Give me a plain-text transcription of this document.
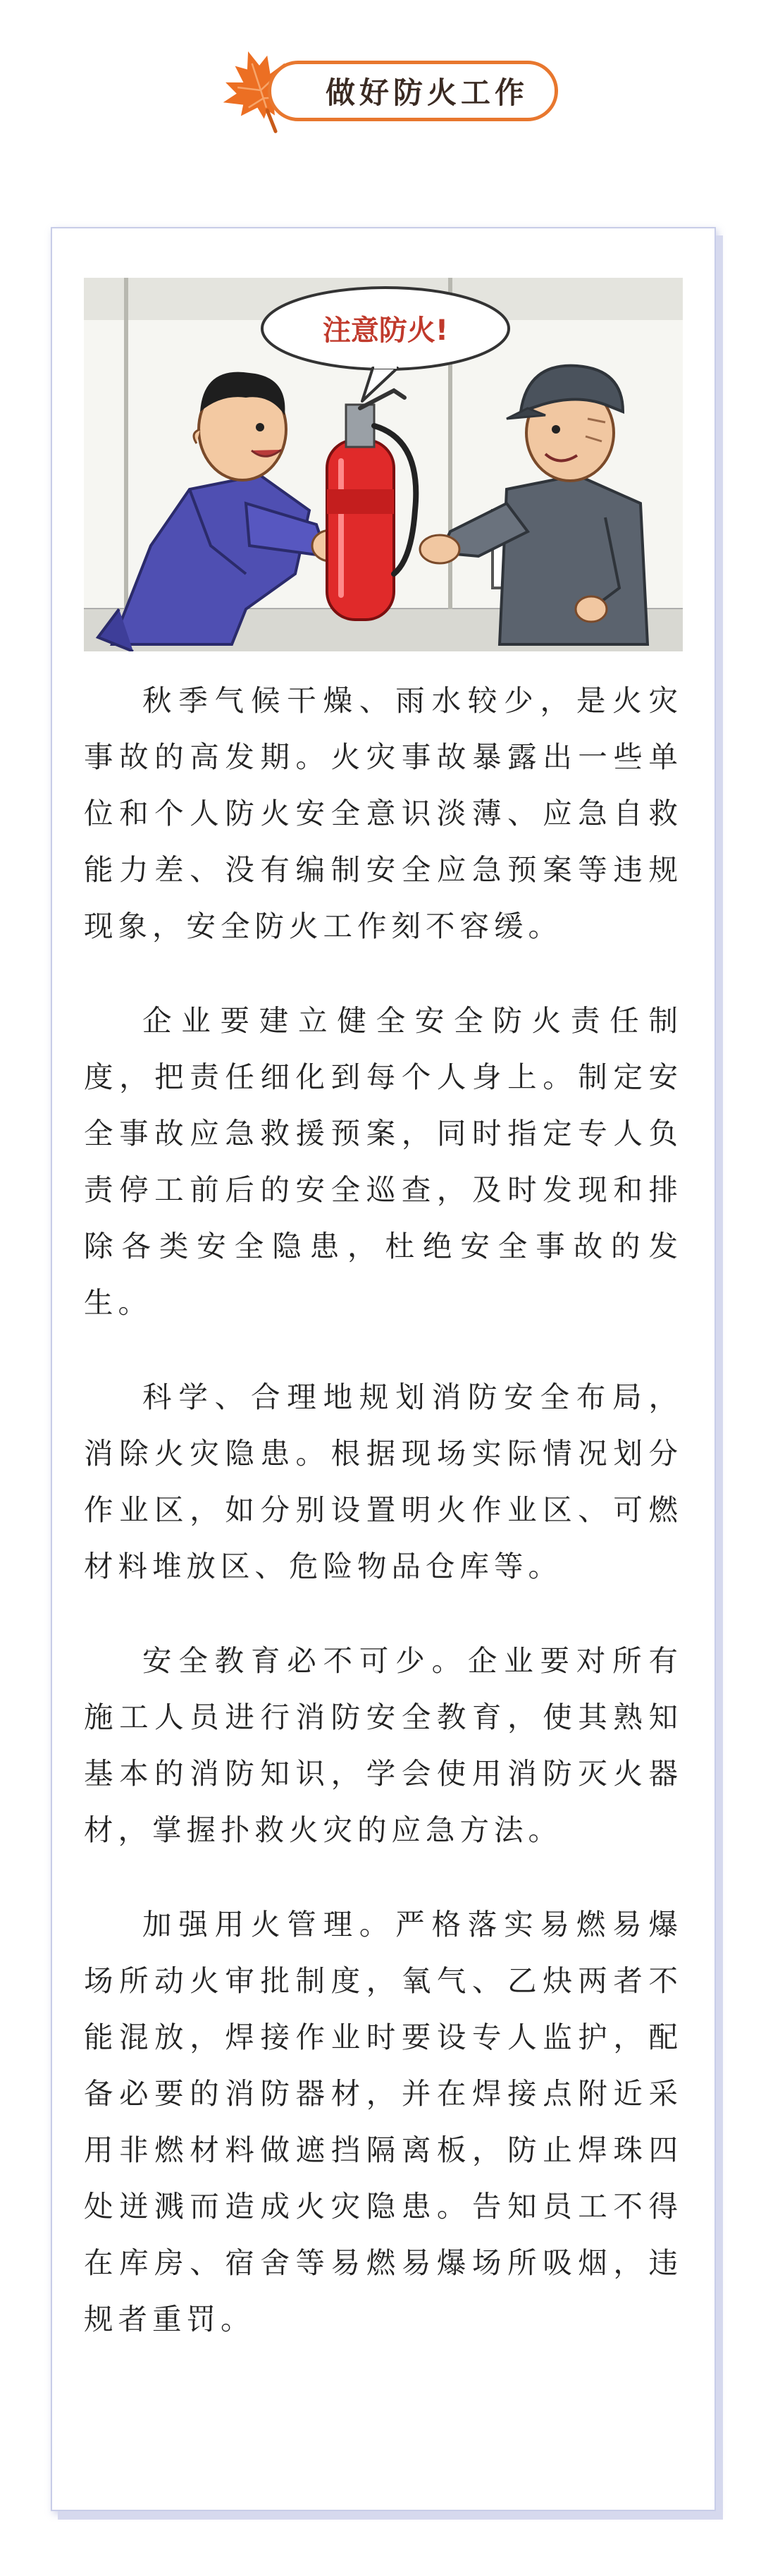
做好防火工作
注意防火!

秋季气候干燥、雨水较少，是火灾事故的高发期。火灾事故暴露出一些单位和个人防火安全意识淡薄、应急自救能力差、没有编制安全应急预案等违规现象，安全防火工作刻不容缓。

企业要建立健全安全防火责任制度，把责任细化到每个人身上。制定安全事故应急救援预案，同时指定专人负责停工前后的安全巡查，及时发现和排除各类安全隐患，杜绝安全事故的发生。

科学、合理地规划消防安全布局，消除火灾隐患。根据现场实际情况划分作业区，如分别设置明火作业区、可燃材料堆放区、危险物品仓库等。

安全教育必不可少。企业要对所有施工人员进行消防安全教育，使其熟知基本的消防知识，学会使用消防灭火器材，掌握扑救火灾的应急方法。

加强用火管理。严格落实易燃易爆场所动火审批制度，氧气、乙炔两者不能混放，焊接作业时要设专人监护，配备必要的消防器材，并在焊接点附近采用非燃材料做遮挡隔离板，防止焊珠四处迸溅而造成火灾隐患。告知员工不得在库房、宿舍等易燃易爆场所吸烟，违规者重罚。
